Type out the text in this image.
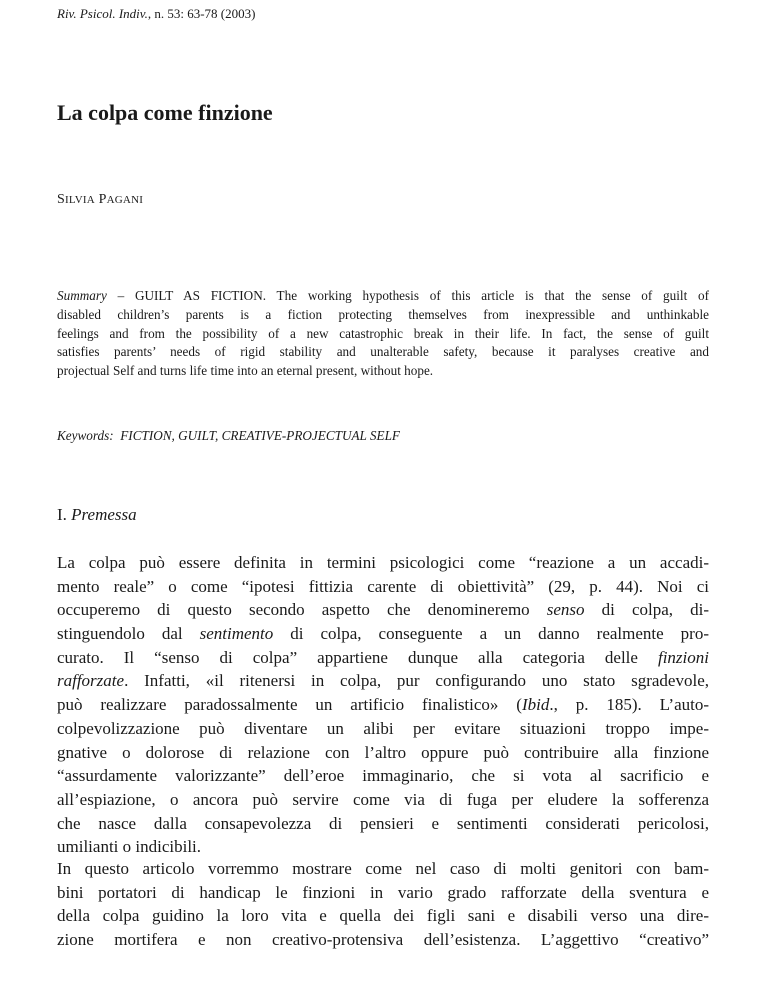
Riv. Psicol. Indiv., n. 53: 63-78 (2003)
La colpa come finzione
SILVIA PAGANI
Summary – GUILT AS FICTION. The working hypothesis of this article is that the sense of guilt of
disabled children’s parents is a fiction protecting themselves from inexpressible and unthinkable
feelings and from the possibility of a new catastrophic break in their life. In fact, the sense of guilt
satisfies parents’ needs of rigid stability and unalterable safety, because it paralyses creative and
projectual Self and turns life time into an eternal present, without hope.
Keywords: FICTION, GUILT, CREATIVE-PROJECTUAL SELF
I. Premessa
La colpa può essere definita in termini psicologici come “reazione a un accadi-
mento reale” o come “ipotesi fittizia carente di obiettività” (29, p. 44). Noi ci
occuperemo di questo secondo aspetto che denomineremo senso di colpa, di-
stinguendolo dal sentimento di colpa, conseguente a un danno realmente pro-
curato. Il “senso di colpa” appartiene dunque alla categoria delle finzioni
rafforzate. Infatti, «il ritenersi in colpa, pur configurando uno stato sgradevole,
può realizzare paradossalmente un artificio finalistico» (Ibid., p. 185). L’auto-
colpevolizzazione può diventare un alibi per evitare situazioni troppo impe-
gnative o dolorose di relazione con l’altro oppure può contribuire alla finzione
“assurdamente valorizzante” dell’eroe immaginario, che si vota al sacrificio e
all’espiazione, o ancora può servire come via di fuga per eludere la sofferenza
che nasce dalla consapevolezza di pensieri e sentimenti considerati pericolosi,
umilianti o indicibili.
In questo articolo vorremmo mostrare come nel caso di molti genitori con bam-
bini portatori di handicap le finzioni in vario grado rafforzate della sventura e
della colpa guidino la loro vita e quella dei figli sani e disabili verso una dire-
zione mortifera e non creativo-protensiva dell’esistenza. L’aggettivo “creativo”
